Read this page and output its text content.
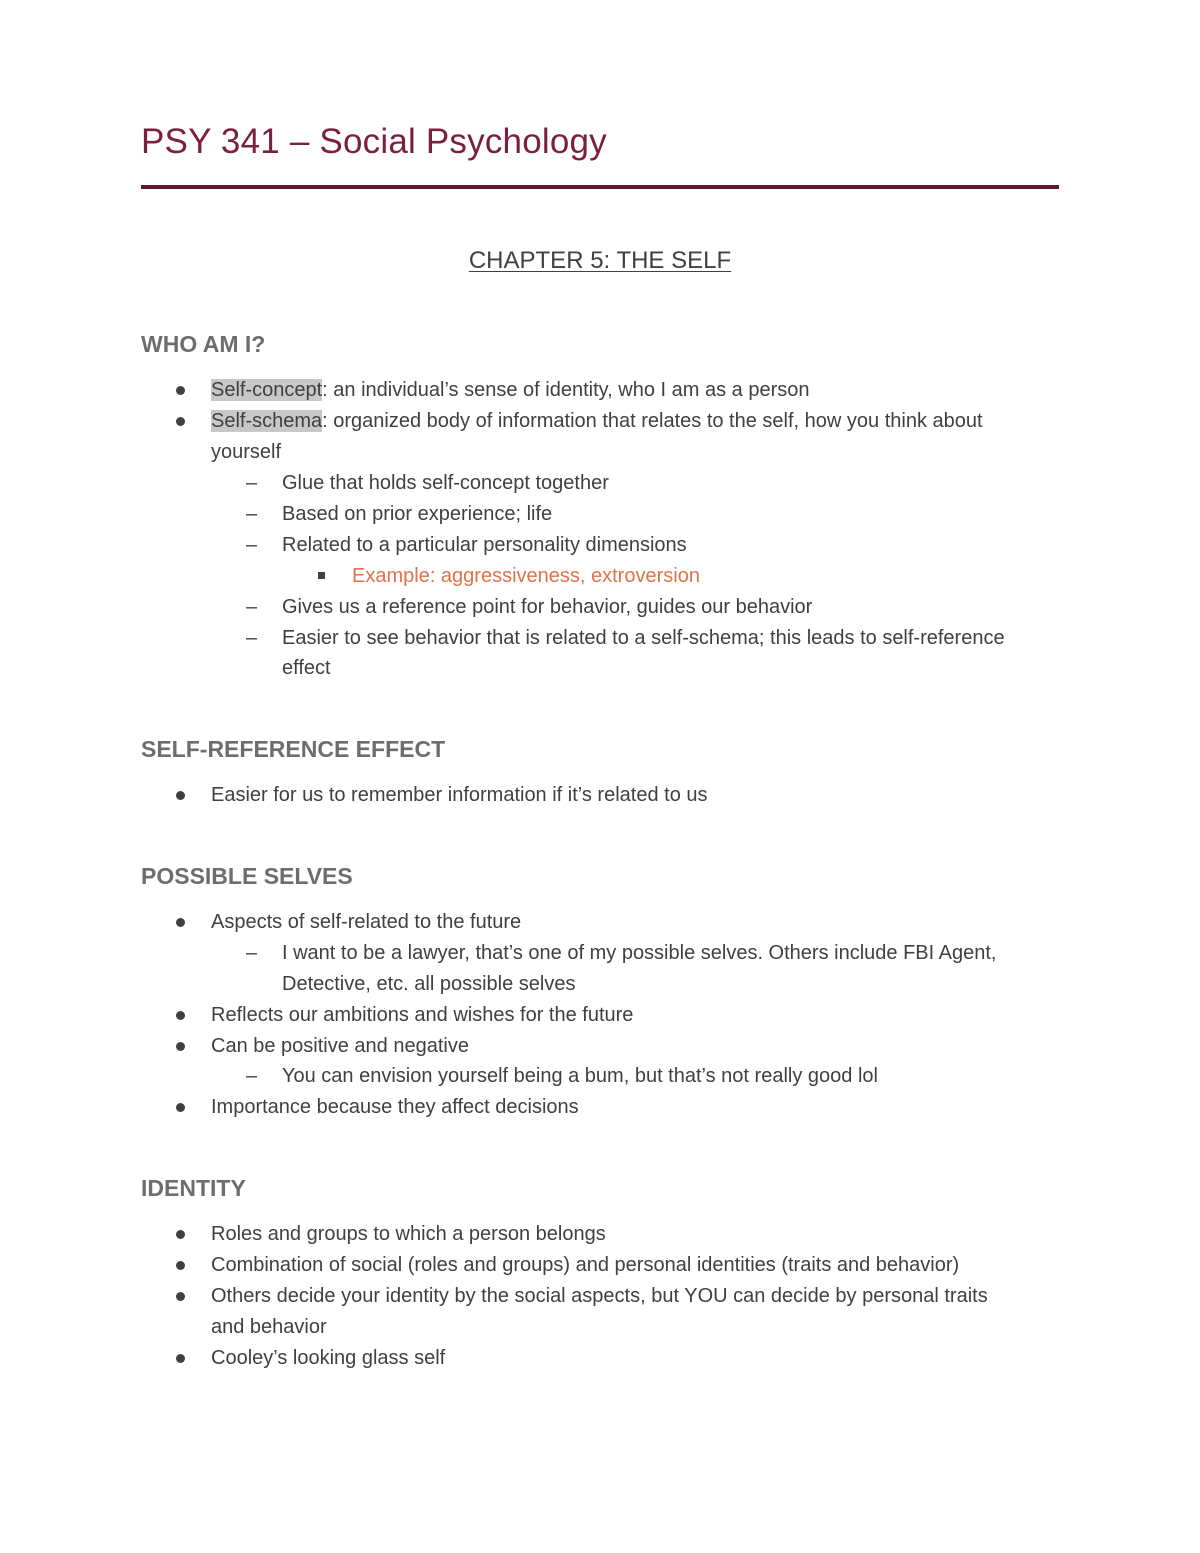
PSY 341 – Social Psychology
CHAPTER 5: THE SELF
WHO AM I?
Self-concept: an individual’s sense of identity, who I am as a person
Self-schema: organized body of information that relates to the self, how you think about
yourself
– Glue that holds self-concept together
– Based on prior experience; life
– Related to a particular personality dimensions
Example: aggressiveness, extroversion
– Gives us a reference point for behavior, guides our behavior
– Easier to see behavior that is related to a self-schema; this leads to self-reference
effect
SELF-REFERENCE EFFECT
Easier for us to remember information if it’s related to us
POSSIBLE SELVES
Aspects of self-related to the future
– I want to be a lawyer, that’s one of my possible selves. Others include FBI Agent,
Detective, etc. all possible selves
Reflects our ambitions and wishes for the future
Can be positive and negative
– You can envision yourself being a bum, but that’s not really good lol
Importance because they affect decisions
IDENTITY
Roles and groups to which a person belongs
Combination of social (roles and groups) and personal identities (traits and behavior)
Others decide your identity by the social aspects, but YOU can decide by personal traits
and behavior
Cooley’s looking glass self
